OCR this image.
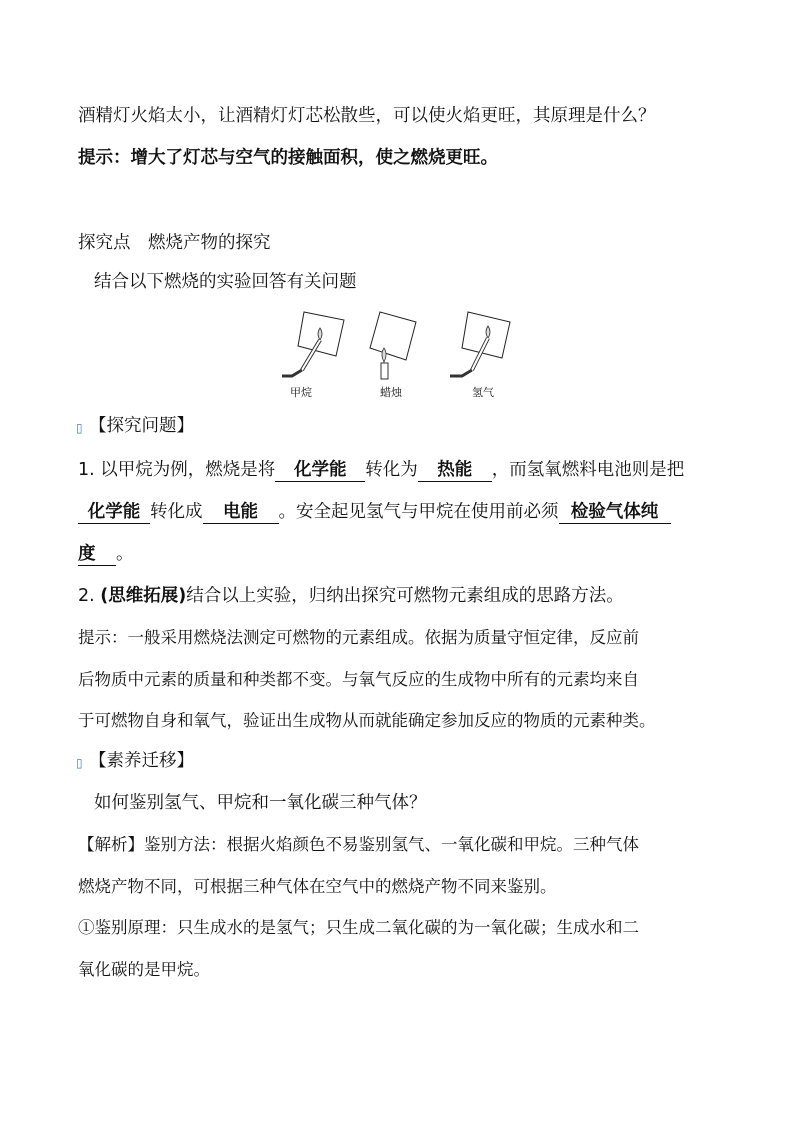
酒精灯火焰太小，让酒精灯灯芯松散些，可以使火焰更旺，其原理是什么？
提示：增大了灯芯与空气的接触面积，使之燃烧更旺。
探究点　燃烧产物的探究
结合以下燃烧的实验回答有关问题
甲烷	蜡烛	氢气
▯ 【探究问题】
1. 以甲烷为例，燃烧是将 化学能 转化为 热能 ，而氢氧燃料电池则是把
化学能 转化成 电能 。安全起见氢气与甲烷在使用前必须 检验气体纯
度 。
2. (思维拓展)结合以上实验，归纳出探究可燃物元素组成的思路方法。
提示：一般采用燃烧法测定可燃物的元素组成。依据为质量守恒定律，反应前
后物质中元素的质量和种类都不变。与氧气反应的生成物中所有的元素均来自
于可燃物自身和氧气，验证出生成物从而就能确定参加反应的物质的元素种类。
▯ 【素养迁移】
如何鉴别氢气、甲烷和一氧化碳三种气体？
【解析】鉴别方法：根据火焰颜色不易鉴别氢气、一氧化碳和甲烷。三种气体
燃烧产物不同，可根据三种气体在空气中的燃烧产物不同来鉴别。
①鉴别原理：只生成水的是氢气；只生成二氧化碳的为一氧化碳；生成水和二
氧化碳的是甲烷。
